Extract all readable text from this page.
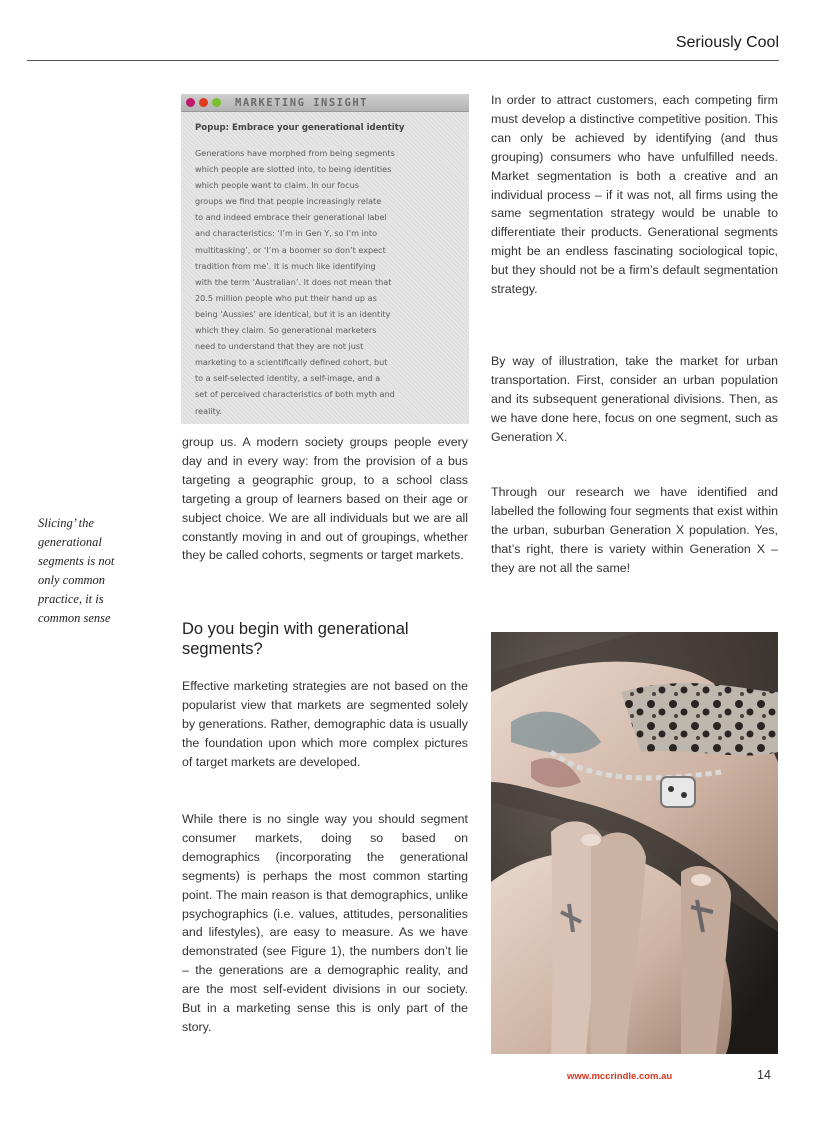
Seriously Cool
Slicing’ the generational segments is not only common practice, it is common sense
MARKETING INSIGHT
Popup: Embrace your generational identity
Generations have morphed from being segments
which people are slotted into, to being identities
which people want to claim. In our focus
groups we find that people increasingly relate
to and indeed embrace their generational label
and characteristics: ‘I’m in Gen Y, so I’m into
multitasking’, or ‘I’m a boomer so don’t expect
tradition from me’. It is much like identifying
with the term ‘Australian’. It does not mean that
20.5 million people who put their hand up as
being ‘Aussies’ are identical, but it is an identity
which they claim. So generational marketers
need to understand that they are not just
marketing to a scientifically defined cohort, but
to a self-selected identity, a self-image, and a
set of perceived characteristics of both myth and
reality.

group us. A modern society groups people every day and in every way: from the provision of a bus targeting a geographic group, to a school class targeting a group of learners based on their age or subject choice. We are all individuals but we are all constantly moving in and out of groupings, whether they be called cohorts, segments or target markets.

Do you begin with generational segments?

Effective marketing strategies are not based on the popularist view that markets are segmented solely by generations. Rather, demographic data is usually the foundation upon which more complex pictures of target markets are developed.

While there is no single way you should segment consumer markets, doing so based on demographics (incorporating the generational segments) is perhaps the most common starting point. The main reason is that demographics, unlike psychographics (i.e. values, attitudes, personalities and lifestyles), are easy to measure. As we have demonstrated (see Figure 1), the numbers don’t lie – the generations are a demographic reality, and are the most self-evident divisions in our society. But in a marketing sense this is only part of the story.

In order to attract customers, each competing firm must develop a distinctive competitive position. This can only be achieved by identifying (and thus grouping) consumers who have unfulfilled needs. Market segmentation is both a creative and an individual process – if it was not, all firms using the same segmentation strategy would be unable to differentiate their products. Generational segments might be an endless fascinating sociological topic, but they should not be a firm’s default segmentation strategy.

By way of illustration, take the market for urban transportation. First, consider an urban population and its subsequent generational divisions. Then, as we have done here, focus on one segment, such as Generation X.

Through our research we have identified and labelled the following four segments that exist within the urban, suburban Generation X population. Yes, that’s right, there is variety within Generation X – they are not all the same!

www.mccrindle.com.au	14
